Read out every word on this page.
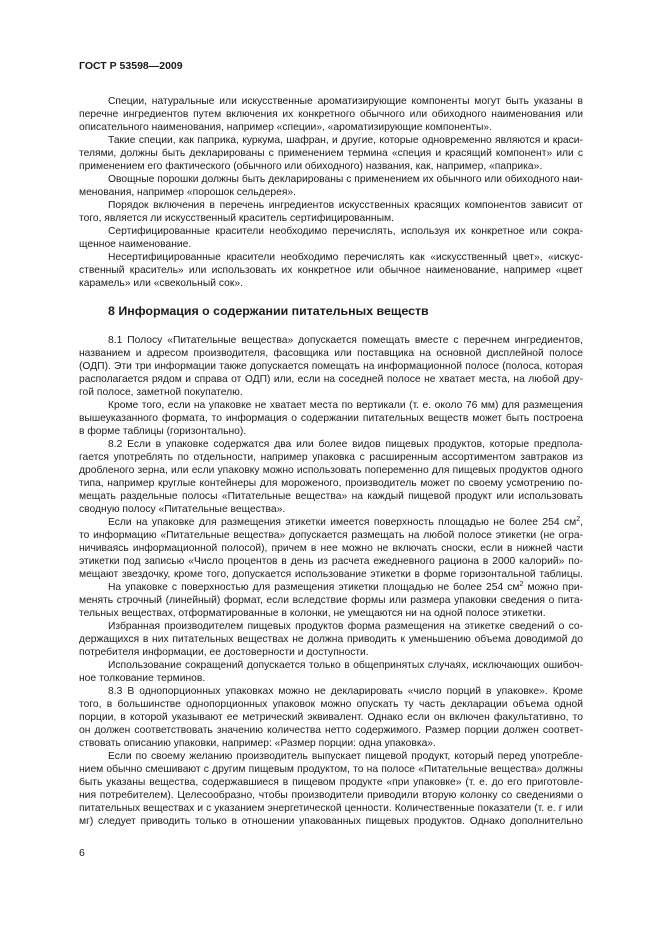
ГОСТ Р 53598—2009
Специи, натуральные или искусственные ароматизирующие компоненты могут быть указаны в
перечне ингредиентов путем включения их конкретного обычного или обиходного наименования или
описательного наименования, например «специи», «ароматизирующие компоненты».
Такие специи, как паприка, куркума, шафран, и другие, которые одновременно являются и краси-
телями, должны быть декларированы с применением термина «специя и красящий компонент» или с
применением его фактического (обычного или обиходного) названия, как, например, «паприка».
Овощные порошки должны быть декларированы с применением их обычного или обиходного наи-
менования, например «порошок сельдерея».
Порядок включения в перечень ингредиентов искусственных красящих компонентов зависит от
того, является ли искусственный краситель сертифицированным.
Сертифицированные красители необходимо перечислять, используя их конкретное или сокра-
щенное наименование.
Несертифицированные красители необходимо перечислять как «искусственный цвет», «искус-
ственный краситель» или использовать их конкретное или обычное наименование, например «цвет
карамель» или «свекольный сок».
8 Информация о содержании питательных веществ
8.1 Полосу «Питательные вещества» допускается помещать вместе с перечнем ингредиентов,
названием и адресом производителя, фасовщика или поставщика на основной дисплейной полосе
(ОДП). Эти три информации также допускается помещать на информационной полосе (полоса, которая
располагается рядом и справа от ОДП) или, если на соседней полосе не хватает места, на любой дру-
гой полосе, заметной покупателю.
Кроме того, если на упаковке не хватает места по вертикали (т. е. около 76 мм) для размещения
вышеуказанного формата, то информация о содержании питательных веществ может быть построена
в форме таблицы (горизонтально).
8.2 Если в упаковке содержатся два или более видов пищевых продуктов, которые предпола-
гается употреблять по отдельности, например упаковка с расширенным ассортиментом завтраков из
дробленого зерна, или если упаковку можно использовать попеременно для пищевых продуктов одного
типа, например круглые контейнеры для мороженого, производитель может по своему усмотрению по-
мещать раздельные полосы «Питательные вещества» на каждый пищевой продукт или использовать
сводную полосу «Питательные вещества».
Если на упаковке для размещения этикетки имеется поверхность площадью не более 254 $см^2$,
то информацию «Питательные вещества» допускается размещать на любой полосе этикетки (не огра-
ничиваясь информационной полосой), причем в нее можно не включать сноски, если в нижней части
этикетки под записью «Число процентов в день из расчета ежедневного рациона в 2000 калорий» по-
мещают звездочку, кроме того, допускается использование этикетки в форме горизонтальной таблицы.
На упаковке с поверхностью для размещения этикетки площадью не более 254 $см^2$ можно при-
менять строчный (линейный) формат, если вследствие формы или размера упаковки сведения о пита-
тельных веществах, отформатированные в колонки, не умещаются ни на одной полосе этикетки.
Избранная производителем пищевых продуктов форма размещения на этикетке сведений о со-
держащихся в них питательных веществах не должна приводить к уменьшению объема доводимой до
потребителя информации, ее достоверности и доступности.
Использование сокращений допускается только в общепринятых случаях, исключающих ошибоч-
ное толкование терминов.
8.3 В однопорционных упаковках можно не декларировать «число порций в упаковке». Кроме
того, в большинстве однопорционных упаковок можно опускать ту часть декларации объема одной
порции, в которой указывают ее метрический эквивалент. Однако если он включен факультативно, то
он должен соответствовать значению количества нетто содержимого. Размер порции должен соответ-
ствовать описанию упаковки, например: «Размер порции: одна упаковка».
Если по своему желанию производитель выпускает пищевой продукт, который перед употребле-
нием обычно смешивают с другим пищевым продуктом, то на полосе «Питательные вещества» должны
быть указаны вещества, содержавшиеся в пищевом продукте «при упаковке» (т. е. до его приготовле-
ния потребителем). Целесообразно, чтобы производители приводили вторую колонку со сведениями о
питательных веществах и с указанием энергетической ценности. Количественные показатели (т. е. г или
мг) следует приводить только в отношении упакованных пищевых продуктов. Однако дополнительно
6
